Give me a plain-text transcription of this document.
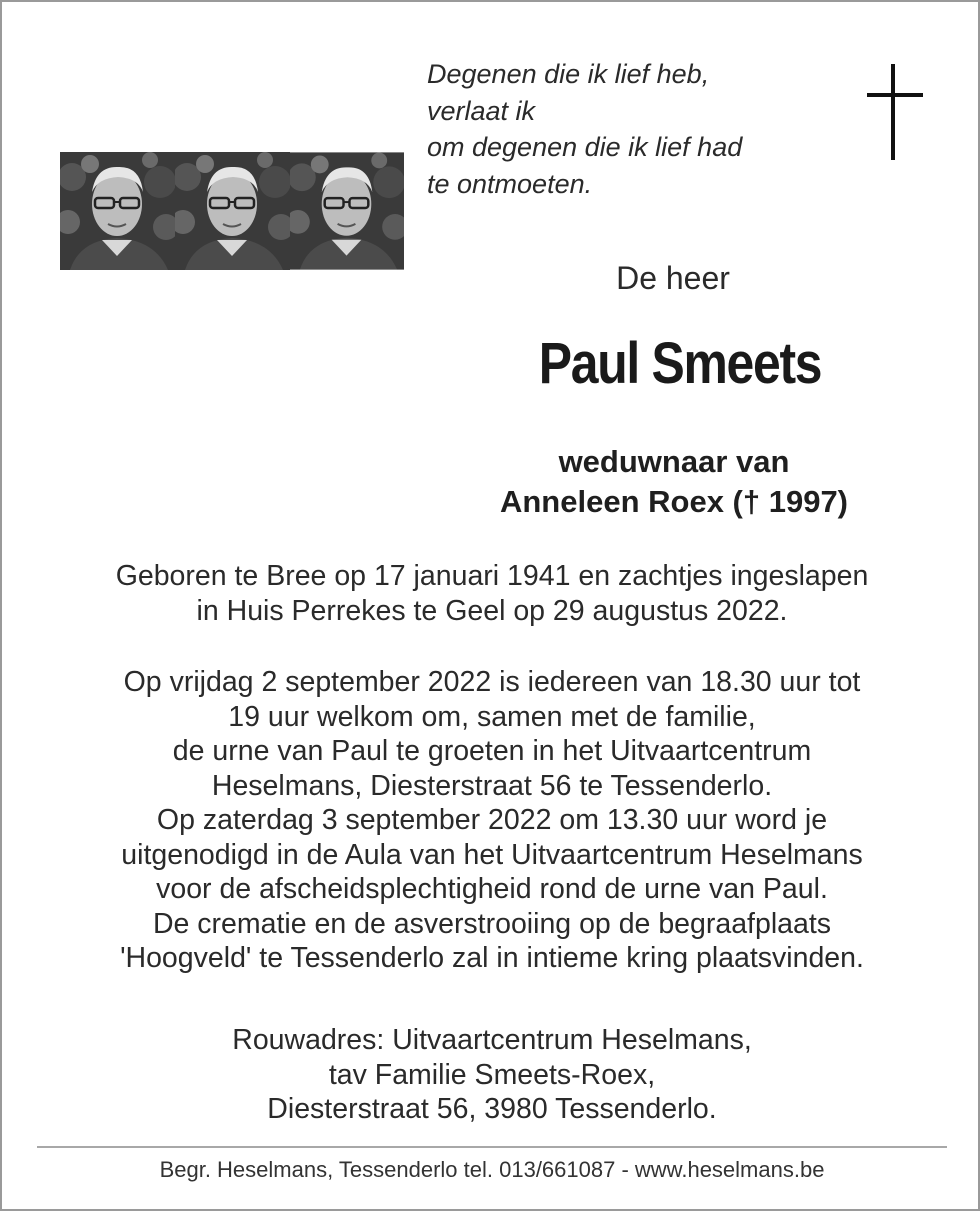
Degenen die ik lief heb,
verlaat ik
om degenen die ik lief had
te ontmoeten.
De heer
Paul Smeets
weduwnaar van
Anneleen Roex († 1997)
Geboren te Bree op 17 januari 1941 en zachtjes ingeslapen
in Huis Perrekes te Geel op 29 augustus 2022.
Op vrijdag 2 september 2022 is iedereen van 18.30 uur tot
19 uur welkom om, samen met de familie,
de urne van Paul te groeten in het Uitvaartcentrum
Heselmans, Diesterstraat 56 te Tessenderlo.
Op zaterdag 3 september 2022 om 13.30 uur word je
uitgenodigd in de Aula van het Uitvaartcentrum Heselmans
voor de afscheidsplechtigheid rond de urne van Paul.
De crematie en de asverstrooiing op de begraafplaats
'Hoogveld' te Tessenderlo zal in intieme kring plaatsvinden.
Rouwadres: Uitvaartcentrum Heselmans,
tav Familie Smeets-Roex,
Diesterstraat 56, 3980 Tessenderlo.
Begr. Heselmans, Tessenderlo tel. 013/661087 - www.heselmans.be
